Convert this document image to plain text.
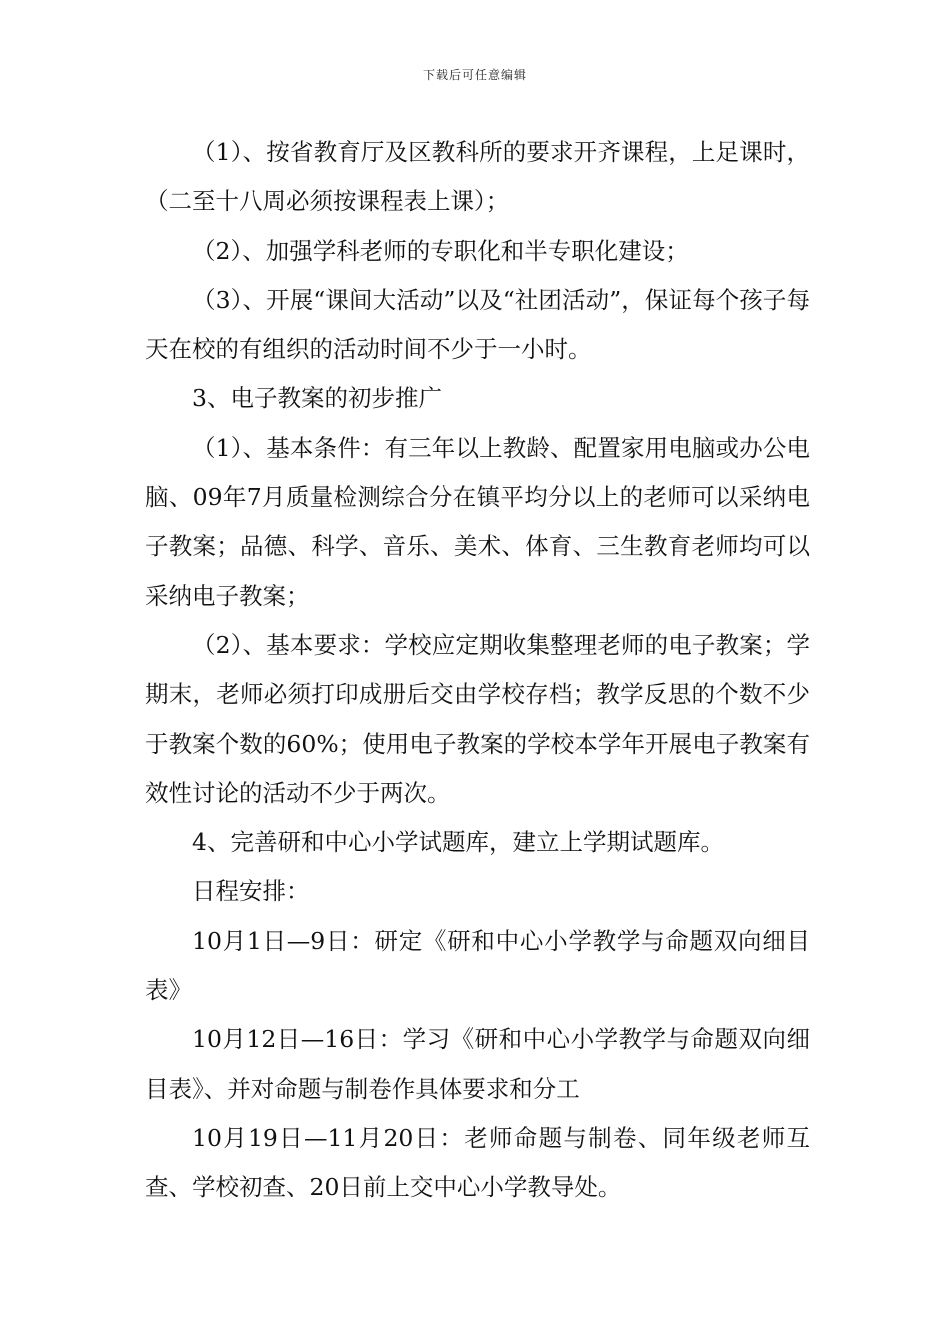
下载后可任意编辑

（1）、按省教育厅及区教科所的要求开齐课程，上足课时，（二至十八周必须按课程表上课）；

（2）、加强学科老师的专职化和半专职化建设；

（3）、开展“课间大活动”以及“社团活动”，保证每个孩子每天在校的有组织的活动时间不少于一小时。

3、电子教案的初步推广

（1）、基本条件：有三年以上教龄、配置家用电脑或办公电脑、09年7月质量检测综合分在镇平均分以上的老师可以采纳电子教案；品德、科学、音乐、美术、体育、三生教育老师均可以采纳电子教案；

（2）、基本要求：学校应定期收集整理老师的电子教案；学期末，老师必须打印成册后交由学校存档；教学反思的个数不少于教案个数的60%；使用电子教案的学校本学年开展电子教案有效性讨论的活动不少于两次。

4、完善研和中心小学试题库，建立上学期试题库。

日程安排：

10月1日—9日：研定《研和中心小学教学与命题双向细目表》

10月12日—16日：学习《研和中心小学教学与命题双向细目表》、并对命题与制卷作具体要求和分工

10月19日—11月20日：老师命题与制卷、同年级老师互查、学校初查、20日前上交中心小学教导处。
